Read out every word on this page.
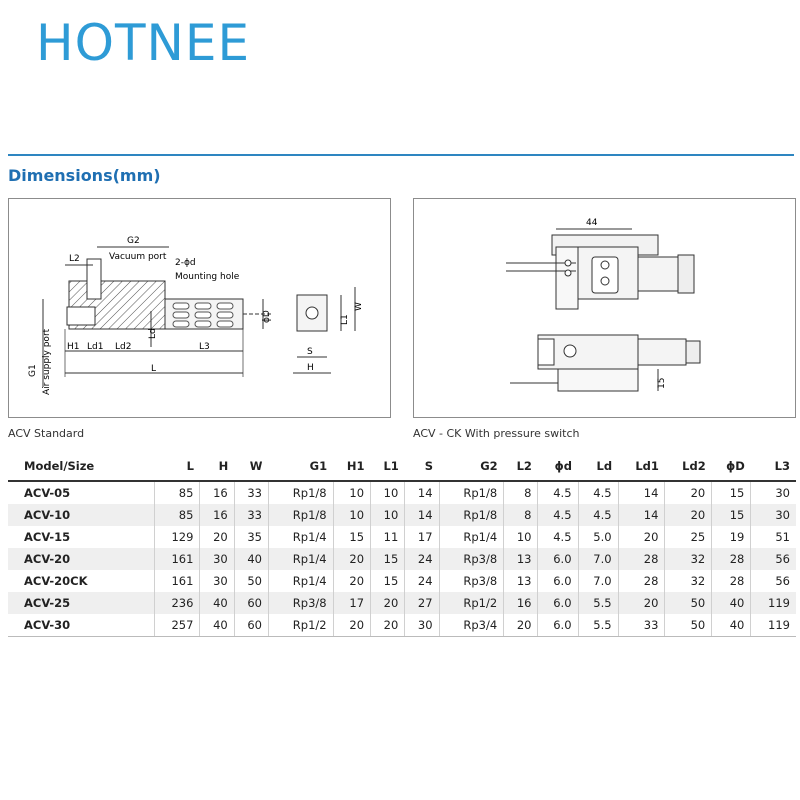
HOTNEE
Dimensions(mm)
G2
Vacuum port
2-ϕd
Mounting hole
L2
G1 Air supply port H1 Ld1 Ld2
Ld
L3
L
ϕD	L1
W
S
H
ACV Standard
44
15
ACV - CK With pressure switch
Model/Size	L	H	W	G1	H1	L1	S	G2	L2	ϕd	Ld	Ld1	Ld2	ϕD	L3
ACV-05	85	16	33	Rp1/8	10	10	14	Rp1/8	8	4.5	4.5	14	20	15	30
ACV-10	85	16	33	Rp1/8	10	10	14	Rp1/8	8	4.5	4.5	14	20	15	30
ACV-15	129	20	35	Rp1/4	15	11	17	Rp1/4	10	4.5	5.0	20	25	19	51
ACV-20	161	30	40	Rp1/4	20	15	24	Rp3/8	13	6.0	7.0	28	32	28	56
ACV-20CK	161	30	50	Rp1/4	20	15	24	Rp3/8	13	6.0	7.0	28	32	28	56
ACV-25	236	40	60	Rp3/8	17	20	27	Rp1/2	16	6.0	5.5	20	50	40	119
ACV-30	257	40	60	Rp1/2	20	20	30	Rp3/4	20	6.0	5.5	33	50	40	119
